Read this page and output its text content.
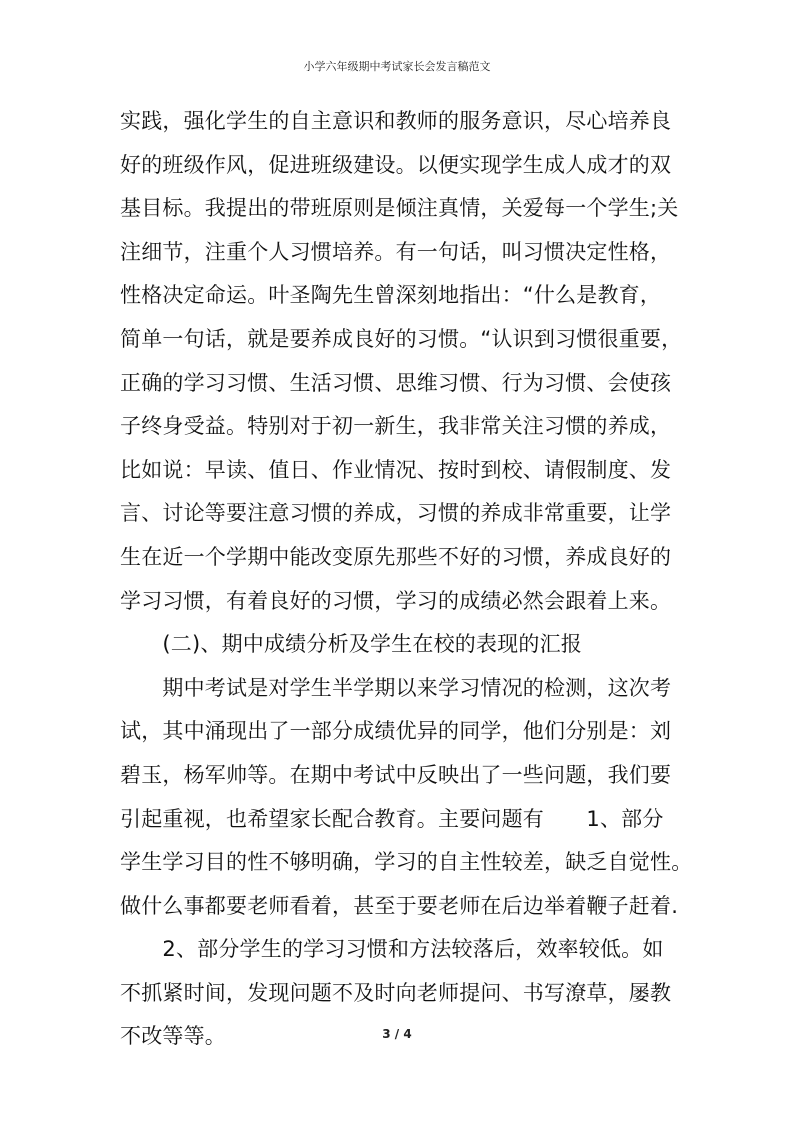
小学六年级期中考试家长会发言稿范文
实践，强化学生的自主意识和教师的服务意识，尽心培养良
好的班级作风，促进班级建设。以便实现学生成人成才的双
基目标。我提出的带班原则是倾注真情，关爱每一个学生;关
注细节，注重个人习惯培养。有一句话，叫习惯决定性格，
性格决定命运。叶圣陶先生曾深刻地指出：“什么是教育，
简单一句话，就是要养成良好的习惯。“认识到习惯很重要，
正确的学习习惯、生活习惯、思维习惯、行为习惯、会使孩
子终身受益。特别对于初一新生，我非常关注习惯的养成，
比如说：早读、值日、作业情况、按时到校、请假制度、发
言、讨论等要注意习惯的养成，习惯的养成非常重要，让学
生在近一个学期中能改变原先那些不好的习惯，养成良好的
学习习惯，有着良好的习惯，学习的成绩必然会跟着上来。
　　(二)、期中成绩分析及学生在校的表现的汇报
　　期中考试是对学生半学期以来学习情况的检测，这次考
试，其中涌现出了一部分成绩优异的同学，他们分别是：刘
碧玉，杨军帅等。在期中考试中反映出了一些问题，我们要
引起重视，也希望家长配合教育。主要问题有　　1、部分
学生学习目的性不够明确，学习的自主性较差，缺乏自觉性。
做什么事都要老师看着，甚至于要老师在后边举着鞭子赶着.
　　2、部分学生的学习习惯和方法较落后，效率较低。如
不抓紧时间，发现问题不及时向老师提问、书写潦草，屡教
不改等等。	3 / 4
